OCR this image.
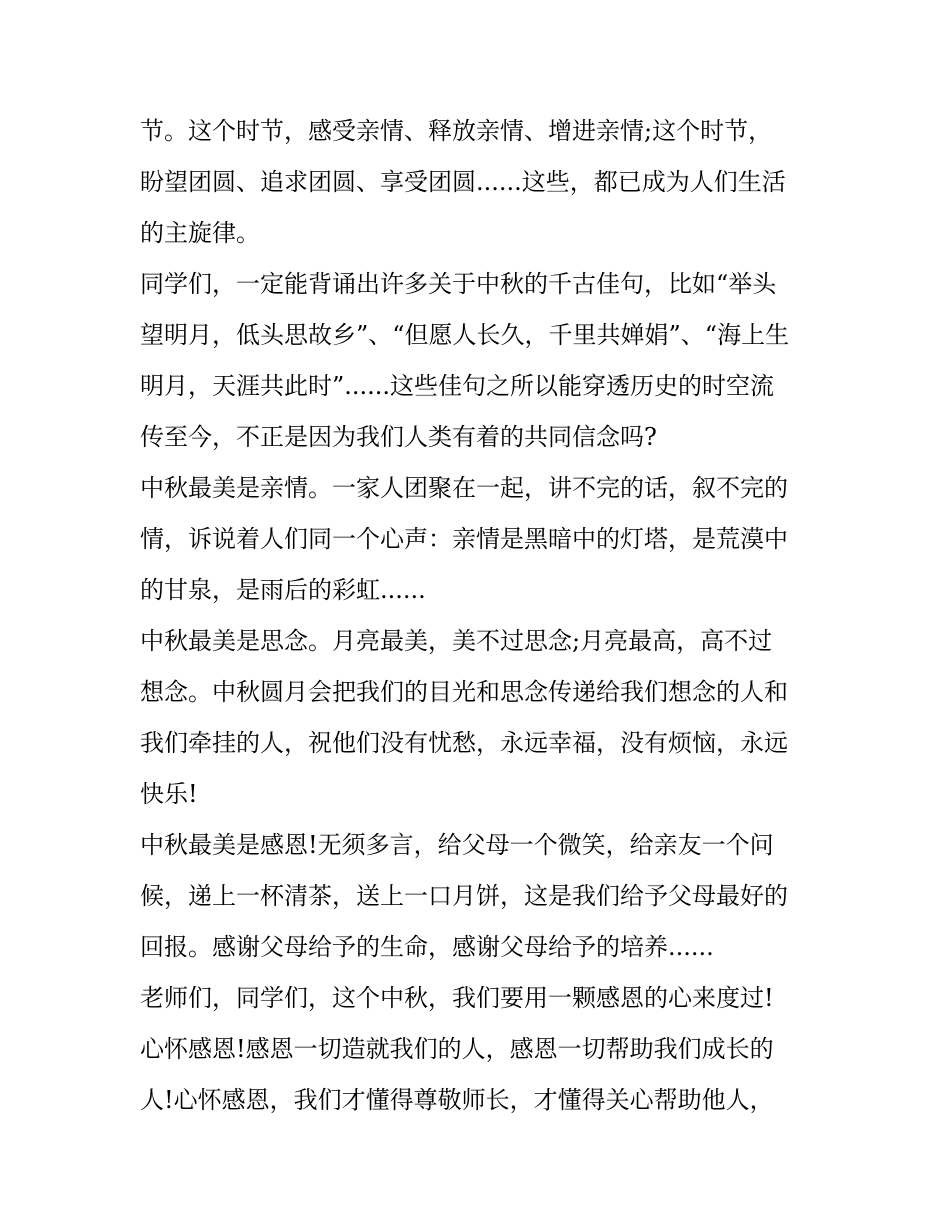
节。这个时节，感受亲情、释放亲情、增进亲情;这个时节，
盼望团圆、追求团圆、享受团圆......这些，都已成为人们生活
的主旋律。
同学们，一定能背诵出许多关于中秋的千古佳句，比如“举头
望明月，低头思故乡”、“但愿人长久，千里共婵娟”、“海上生
明月，天涯共此时”......这些佳句之所以能穿透历史的时空流
传至今，不正是因为我们人类有着的共同信念吗?
中秋最美是亲情。一家人团聚在一起，讲不完的话，叙不完的
情，诉说着人们同一个心声：亲情是黑暗中的灯塔，是荒漠中
的甘泉，是雨后的彩虹......
中秋最美是思念。月亮最美，美不过思念;月亮最高，高不过
想念。中秋圆月会把我们的目光和思念传递给我们想念的人和
我们牵挂的人，祝他们没有忧愁，永远幸福，没有烦恼，永远
快乐!
中秋最美是感恩!无须多言，给父母一个微笑，给亲友一个问
候，递上一杯清茶，送上一口月饼，这是我们给予父母最好的
回报。感谢父母给予的生命，感谢父母给予的培养......
老师们，同学们，这个中秋，我们要用一颗感恩的心来度过!
心怀感恩!感恩一切造就我们的人，感恩一切帮助我们成长的
人!心怀感恩，我们才懂得尊敬师长，才懂得关心帮助他人，
